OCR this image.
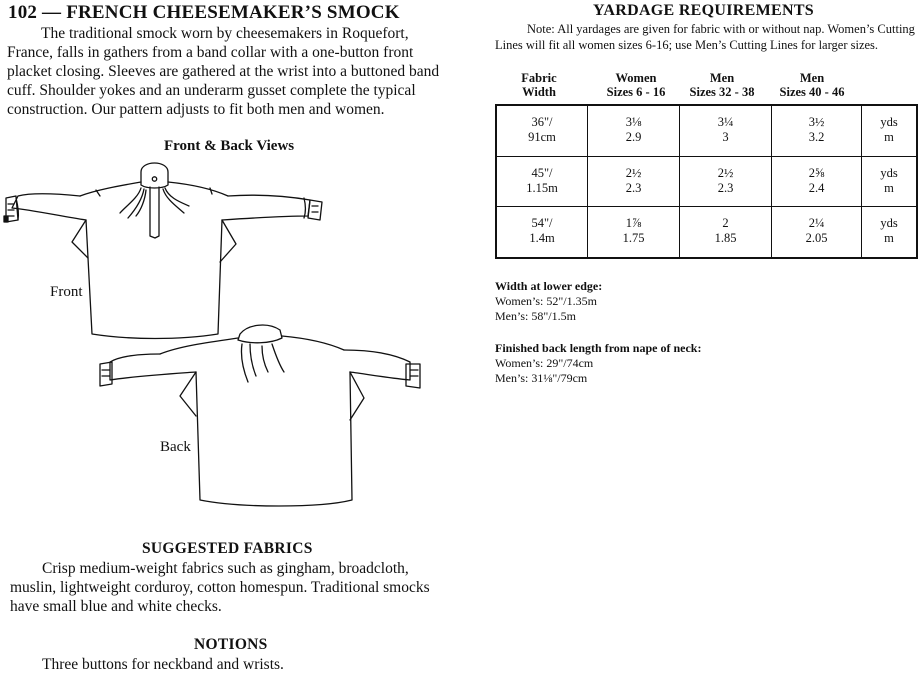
102 — FRENCH CHEESEMAKER’S SMOCK

The traditional smock worn by cheesemakers in Roquefort, France, falls in gathers from a band collar with a one-button front placket closing. Sleeves are gathered at the wrist into a buttoned band cuff. Shoulder yokes and an underarm gusset complete the typical construction. Our pattern adjusts to fit both men and women.

Front & Back Views
Front
Back
SUGGESTED FABRICS

Crisp medium-weight fabrics such as gingham, broadcloth, muslin, lightweight corduroy, cotton homespun. Traditional smocks have small blue and white checks.

NOTIONS

Three buttons for neckband and wrists.

YARDAGE REQUIREMENTS

Note: All yardages are given for fabric with or without nap. Women’s Cutting Lines will fit all women sizes 6-16; use Men’s Cutting Lines for larger sizes.

Fabric
Width
Women
Sizes 6 - 16
Men
Sizes 32 - 38
Men
Sizes 40 - 46
36"/
91cm
3⅛
2.9
3¼
3
3½
3.2
yds
m
45"/
1.15m
2½
2.3
2½
2.3
2⅝
2.4
yds
m
54"/
1.4m
1⅞
1.75
2
1.85
2¼
2.05
yds
m
Width at lower edge:
Women’s: 52"/1.35m
Men’s: 58"/1.5m
Finished back length from nape of neck:
Women’s: 29"/74cm
Men’s: 31⅛"/79cm
